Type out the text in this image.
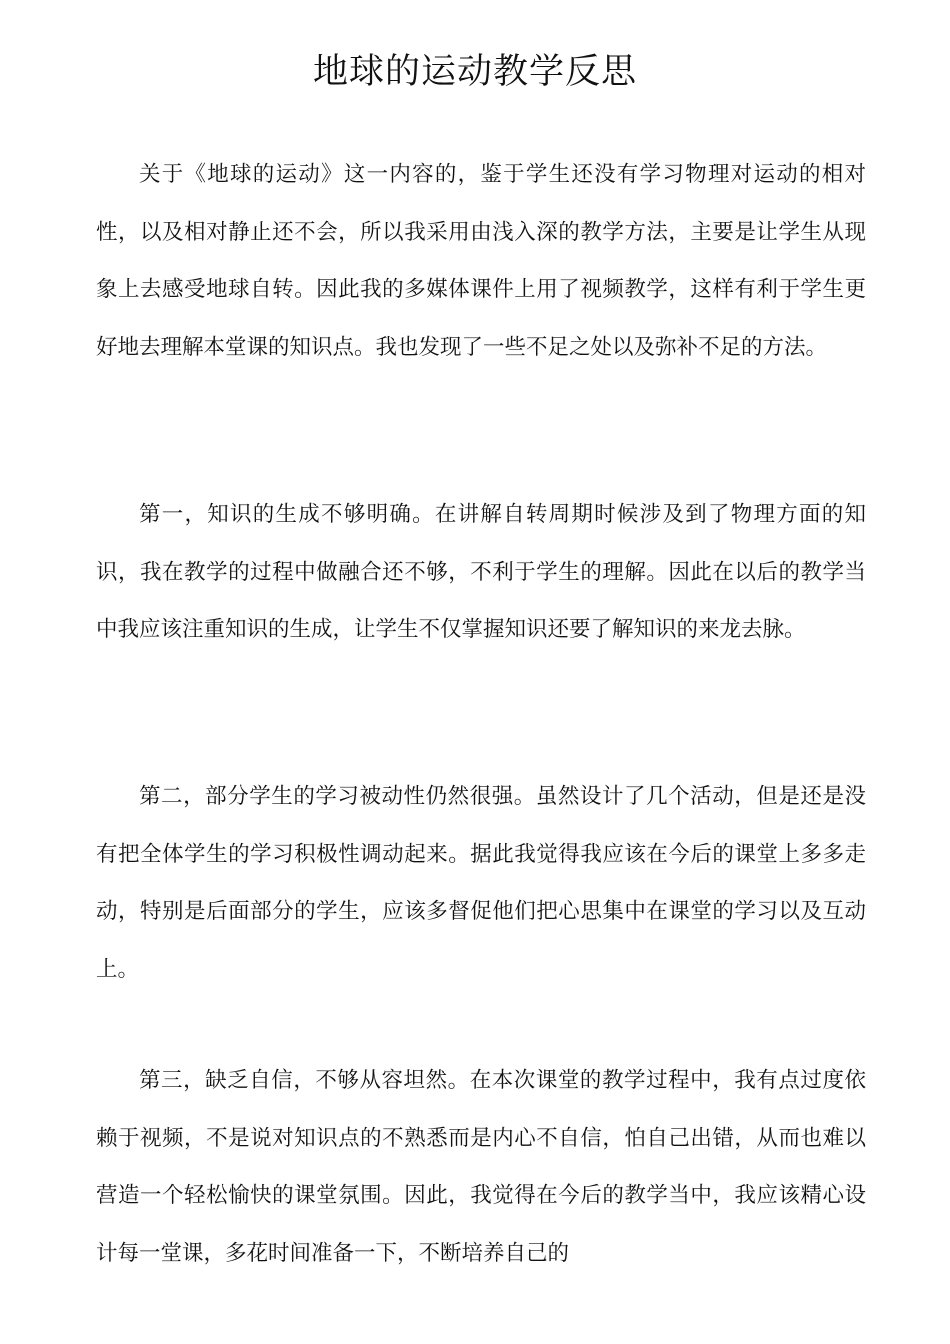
地球的运动教学反思

关于《地球的运动》这一内容的，鉴于学生还没有学习物理对运动的相对性，以及相对静止还不会，所以我采用由浅入深的教学方法，主要是让学生从现象上去感受地球自转。因此我的多媒体课件上用了视频教学，这样有利于学生更好地去理解本堂课的知识点。我也发现了一些不足之处以及弥补不足的方法。

第一，知识的生成不够明确。在讲解自转周期时候涉及到了物理方面的知识，我在教学的过程中做融合还不够，不利于学生的理解。因此在以后的教学当中我应该注重知识的生成，让学生不仅掌握知识还要了解知识的来龙去脉。

第二，部分学生的学习被动性仍然很强。虽然设计了几个活动，但是还是没有把全体学生的学习积极性调动起来。据此我觉得我应该在今后的课堂上多多走动，特别是后面部分的学生，应该多督促他们把心思集中在课堂的学习以及互动上。

第三，缺乏自信，不够从容坦然。在本次课堂的教学过程中，我有点过度依赖于视频，不是说对知识点的不熟悉而是内心不自信，怕自己出错，从而也难以营造一个轻松愉快的课堂氛围。因此，我觉得在今后的教学当中，我应该精心设计每一堂课，多花时间准备一下，不断培养自己的
